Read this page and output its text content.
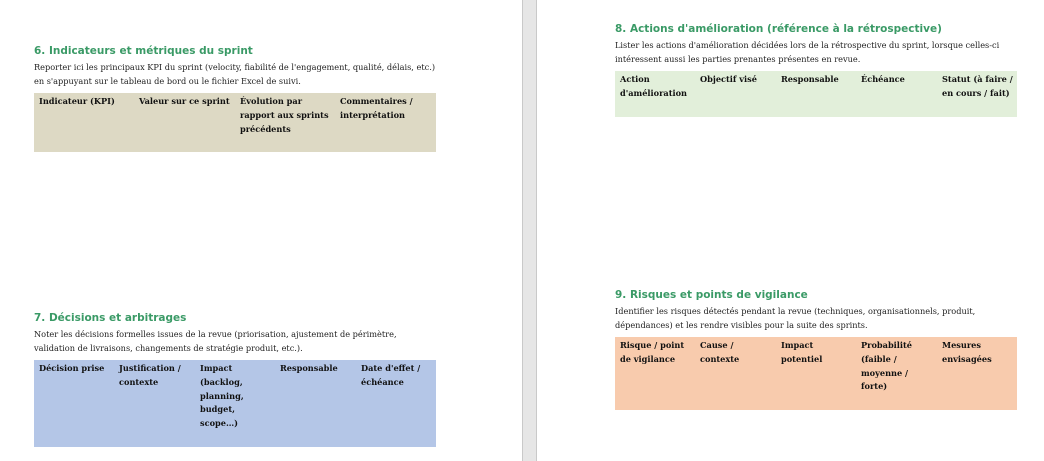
6. Indicateurs et métriques du sprint
Reporter ici les principaux KPI du sprint (velocity, fiabilité de l'engagement, qualité, délais, etc.) en s'appuyant sur le tableau de bord ou le fichier Excel de suivi.
Indicateur (KPI)	Valeur sur ce sprint	Évolution par rapport aux sprints précédents	Commentaires / interprétation

7. Décisions et arbitrages
Noter les décisions formelles issues de la revue (priorisation, ajustement de périmètre, validation de livraisons, changements de stratégie produit, etc.).
Décision prise	Justification / contexte	Impact (backlog, planning, budget, scope…)	Responsable	Date d'effet / échéance

8. Actions d'amélioration (référence à la rétrospective)
Lister les actions d'amélioration décidées lors de la rétrospective du sprint, lorsque celles-ci intéressent aussi les parties prenantes présentes en revue.
Action d'amélioration	Objectif visé	Responsable	Échéance	Statut (à faire / en cours / fait)

9. Risques et points de vigilance
Identifier les risques détectés pendant la revue (techniques, organisationnels, produit, dépendances) et les rendre visibles pour la suite des sprints.
Risque / point de vigilance	Cause / contexte	Impact potentiel	Probabilité (faible / moyenne / forte)	Mesures envisagées
